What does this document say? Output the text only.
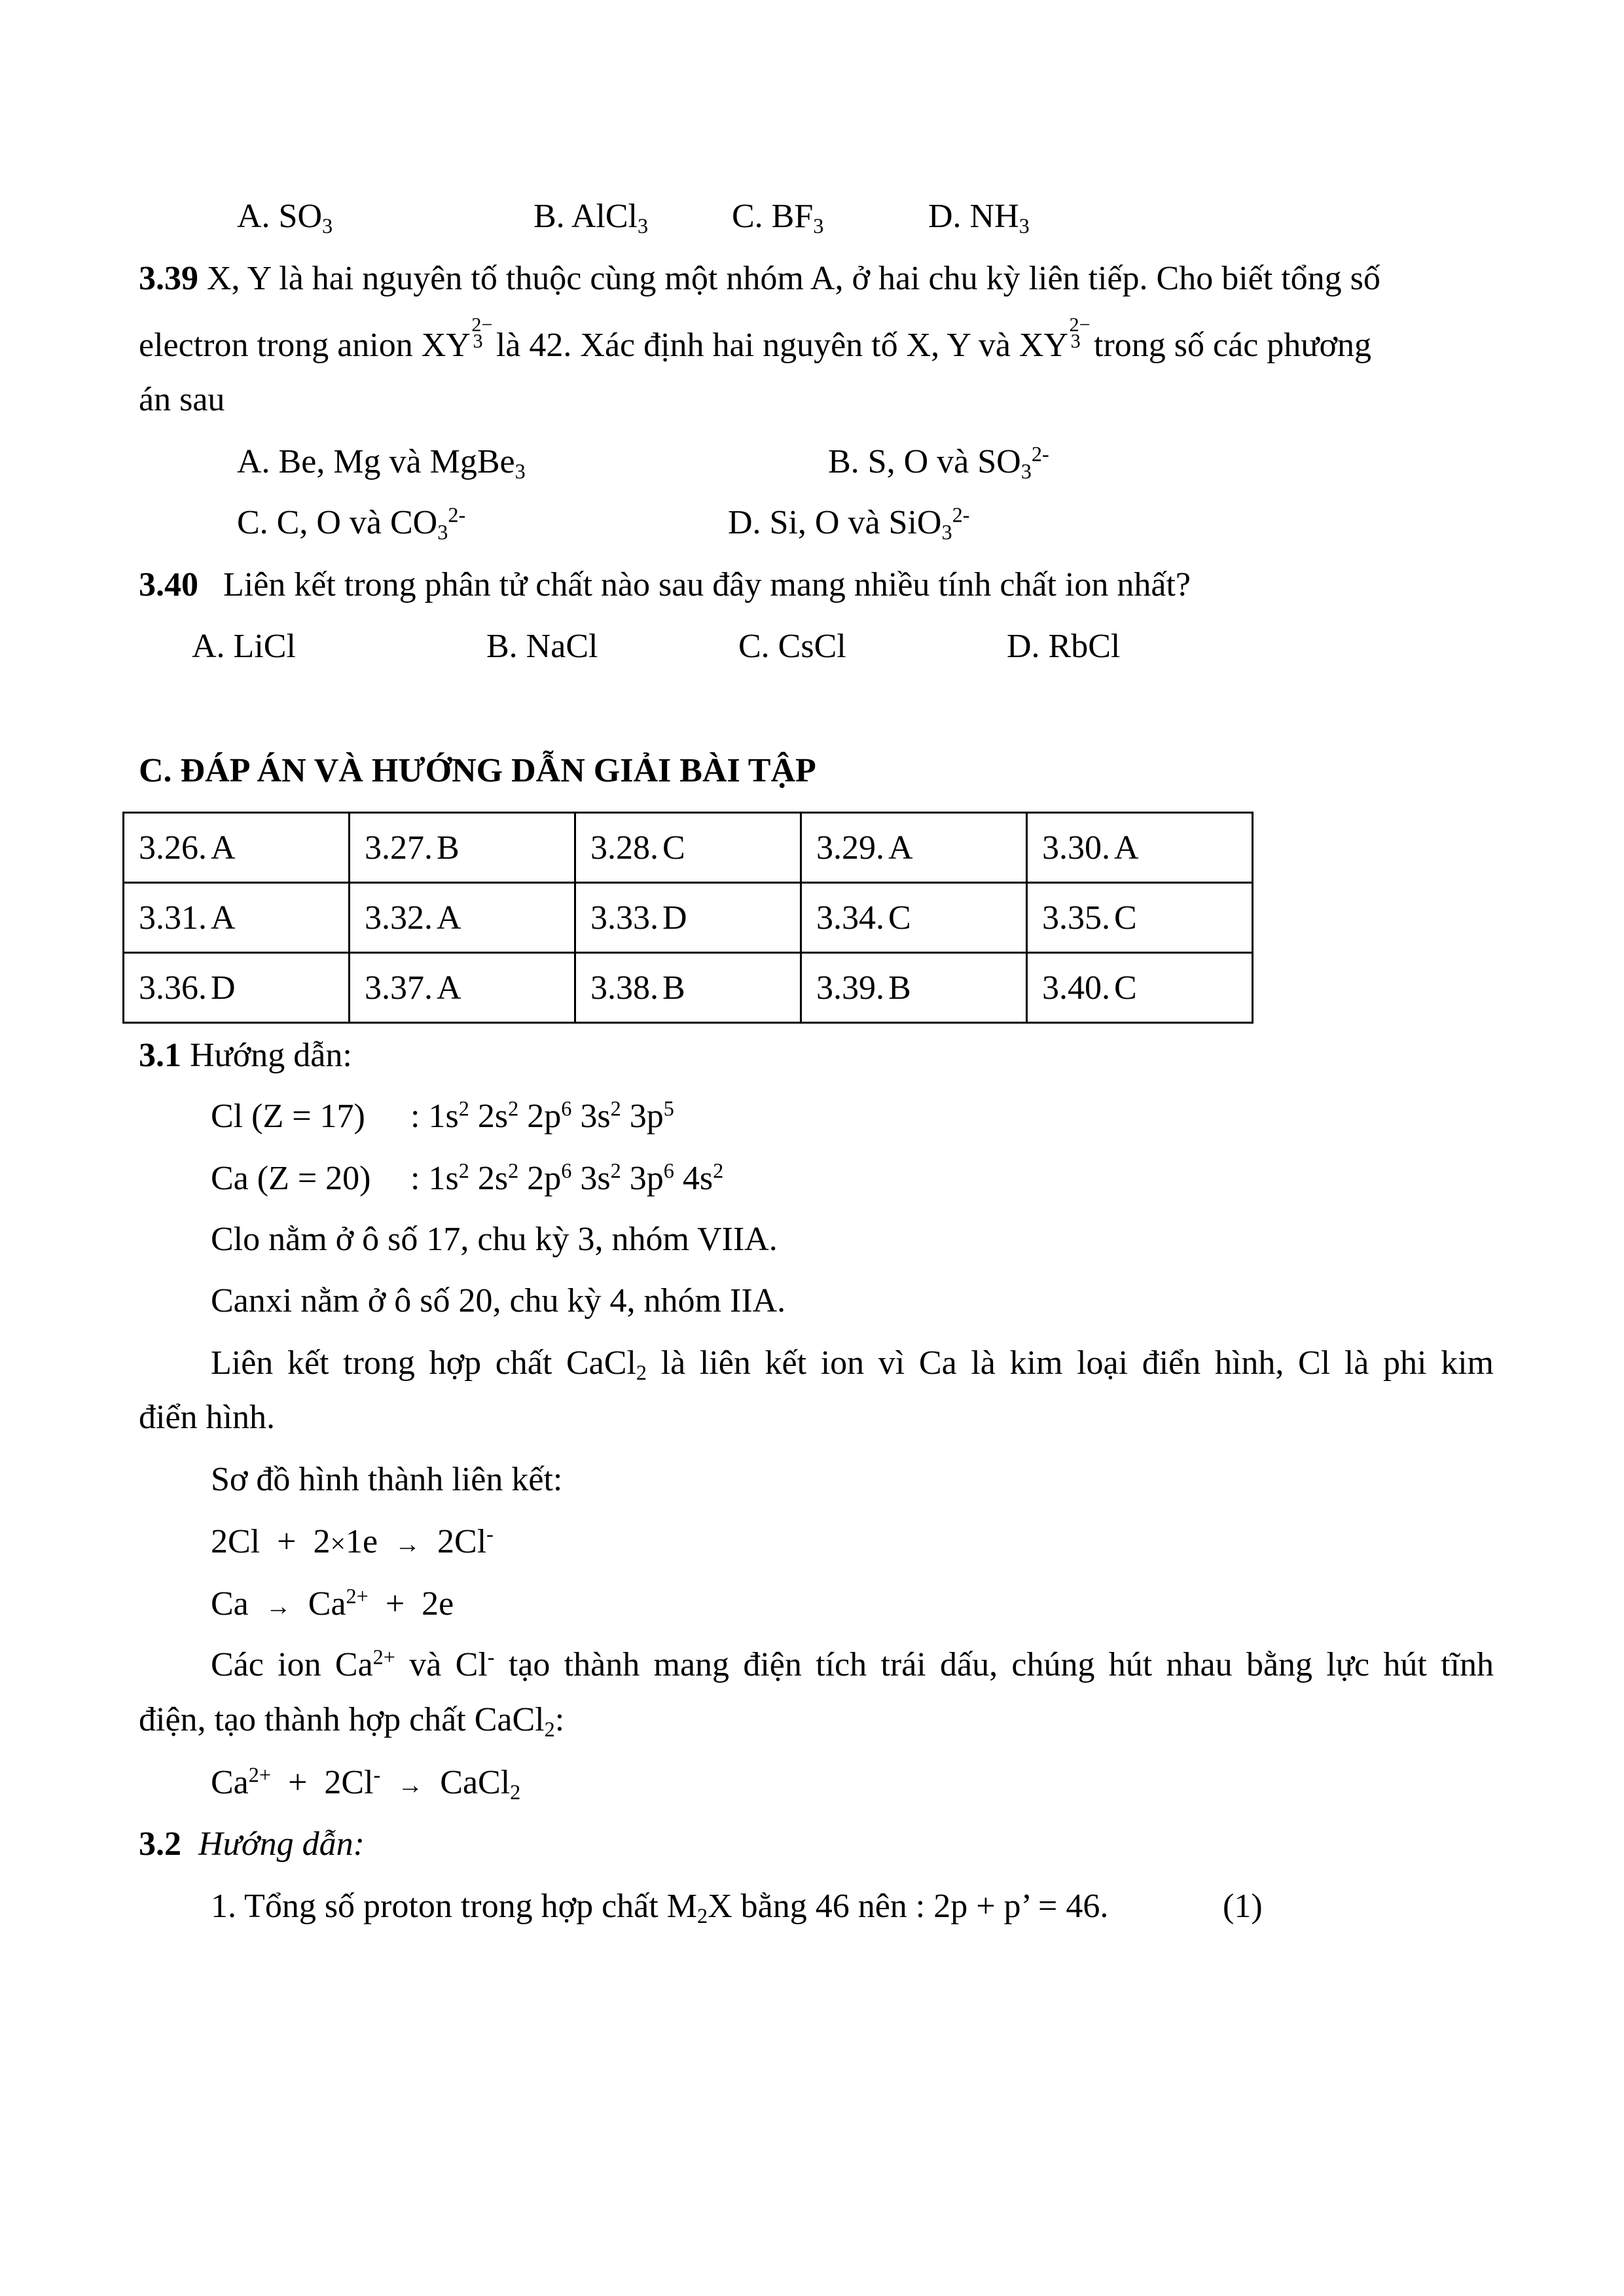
A. $SO_3$	B. AlCl$_3$ C. $BF_3$	D. $NH_3$
3.39 X, Y là hai nguyên tố thuộc cùng một nhóm A, ở hai chu kỳ liên tiếp. Cho biết tổng số
electron trong anion XY
2−
3 là 42. Xác định hai nguyên tố X, Y và XY
2−
3 trong số các phương
án sau
A. Be, Mg và MgBe$_3$	B. S, O và $SO_3^{2-}$
C. C, O và $CO_3^{2-}$	D. Si, O và SiO$_3^{2-}$
3.40 Liên kết trong phân tử chất nào sau đây mang nhiều tính chất ion nhất?
A. LiCl	B. NaCl	C. CsCl	D. RbCl
C. ĐÁP ÁN VÀ HƯỚNG DẪN GIẢI BÀI TẬP
3.26. A	3.27. B	3.28. C	3.29. A	3.30. A
3.31. A	3.32. A	3.33. D	3.34. C	3.35. C
3.36. D	3.37. A	3.38. B	3.39. B	3.40. C
3.1 Hướng dẫn:
Cl (Z = 17) : $1s^2$ $2s^2$ $2p^6$ $3s^2$ $3p^5$
Ca (Z = 20) : $1s^2$ $2s^2$ $2p^6$ $3s^2$ $3p^6$ $4s^2$
Clo nằm ở ô số 17, chu kỳ 3, nhóm VIIA.
Canxi nằm ở ô số 20, chu kỳ 4, nhóm IIA.
Liên kết trong hợp chất CaCl$_2$ là liên kết ion vì Ca là kim loại điển hình, Cl là phi kim
điển hình.
Sơ đồ hình thành liên kết:
2Cl  +  2×1e  →  2Cl-
$Ca \to Ca^{2+} + 2e$
Các ion $Ca^{2+}$ và Cl- tạo thành mang điện tích trái dấu, chúng hút nhau bằng lực hút tĩnh
điện, tạo thành hợp chất CaCl$_2$:
$Ca^{2+} + 2Cl^-$ →  CaCl$_2$
3.2 Hướng dẫn:
1. Tổng số proton trong hợp chất $M_2X$ bằng 46 nên : 2p + p’ = 46.	(1)
